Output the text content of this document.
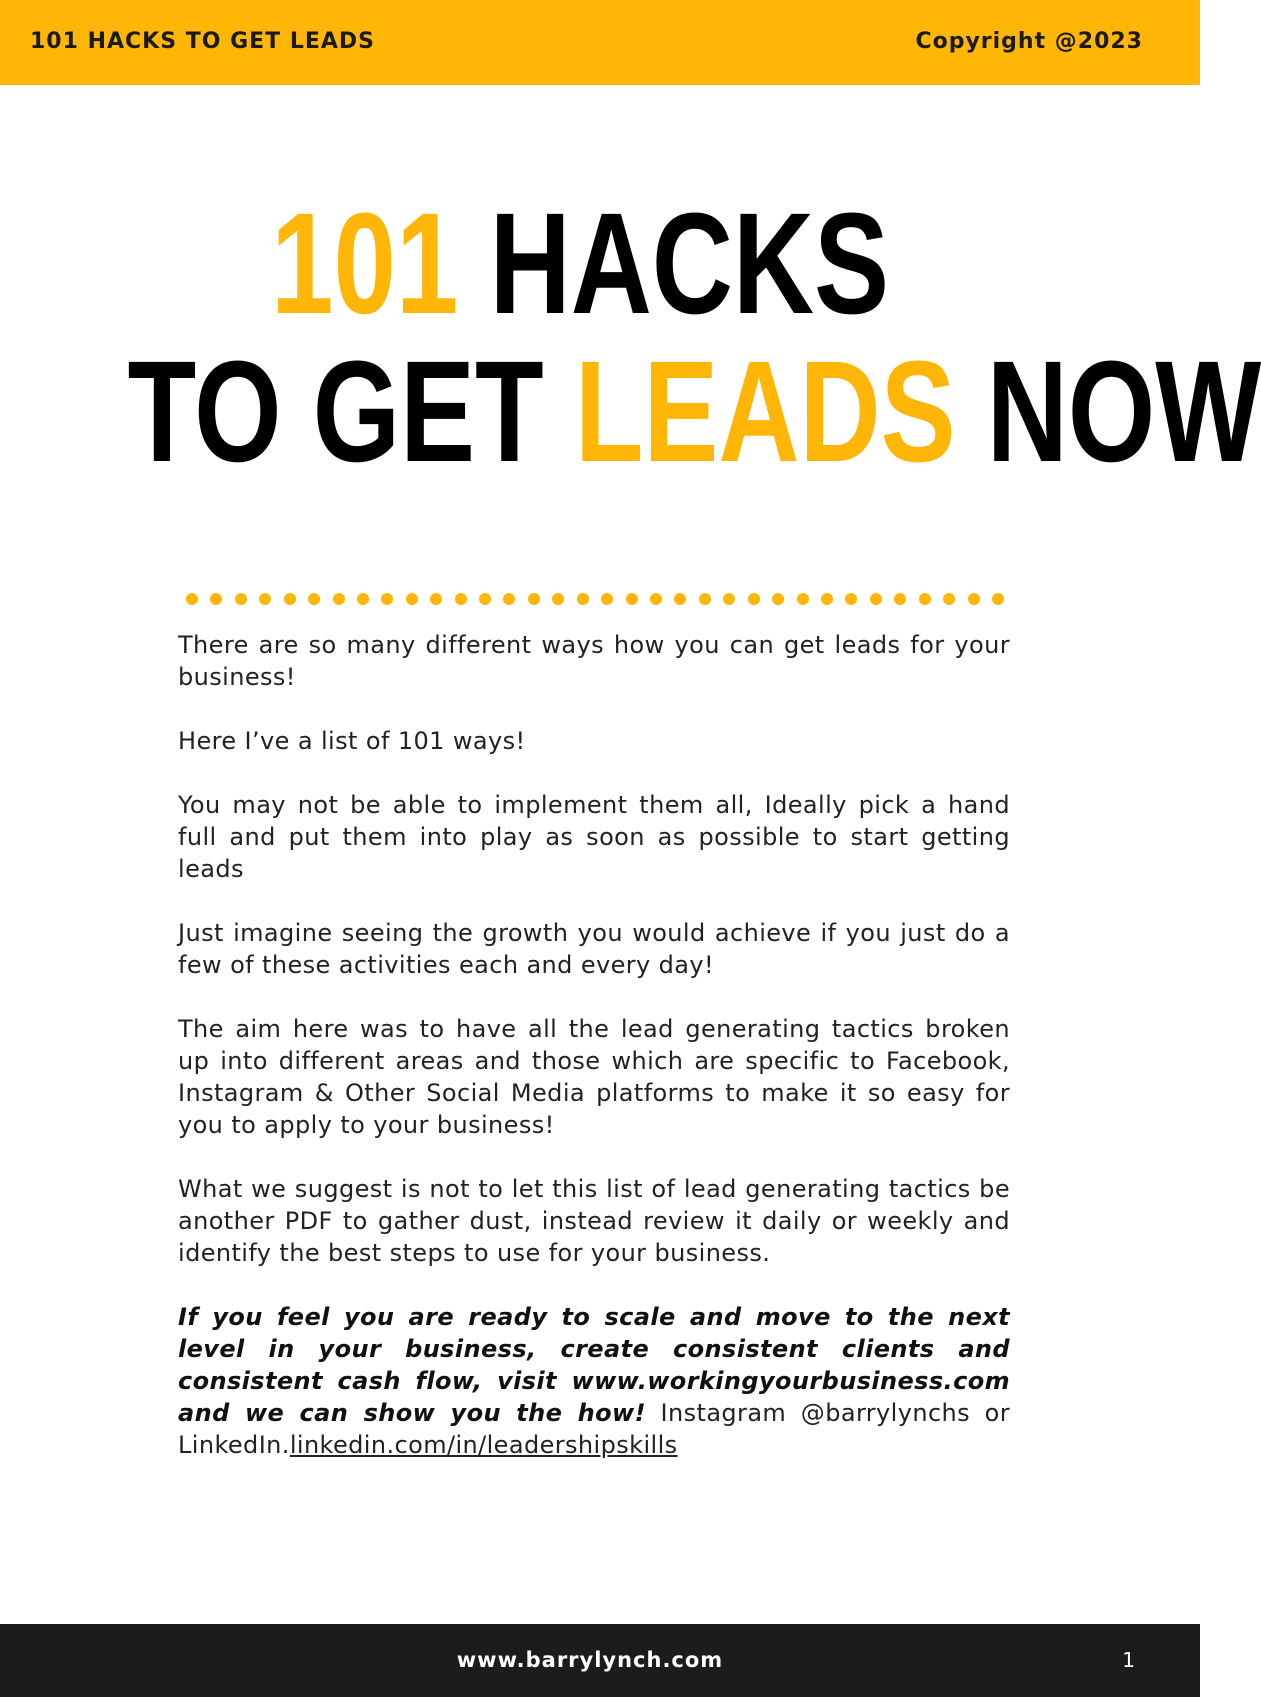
101 HACKS TO GET LEADS	Copyright @2023
101 HACKS
TO GET LEADS NOW

There are so many different ways how you can get leads for your business!

Here I’ve a list of 101 ways!

You may not be able to implement them all, Ideally pick a hand full and put them into play as soon as possible to start getting leads

Just imagine seeing the growth you would achieve if you just do a few of these activities each and every day!

The aim here was to have all the lead generating tactics broken up into different areas and those which are specific to Facebook, Instagram & Other Social Media platforms to make it so easy for you to apply to your business!

What we suggest is not to let this list of lead generating tactics be another PDF to gather dust, instead review it daily or weekly and identify the best steps to use for your business.

If you feel you are ready to scale and move to the next level in your business, create consistent clients and consistent cash flow, visit www.workingyourbusiness.com and we can show you the how! Instagram @barrylynchs or LinkedIn.linkedin.com/in/leadershipskills

www.barrylynch.com	1
